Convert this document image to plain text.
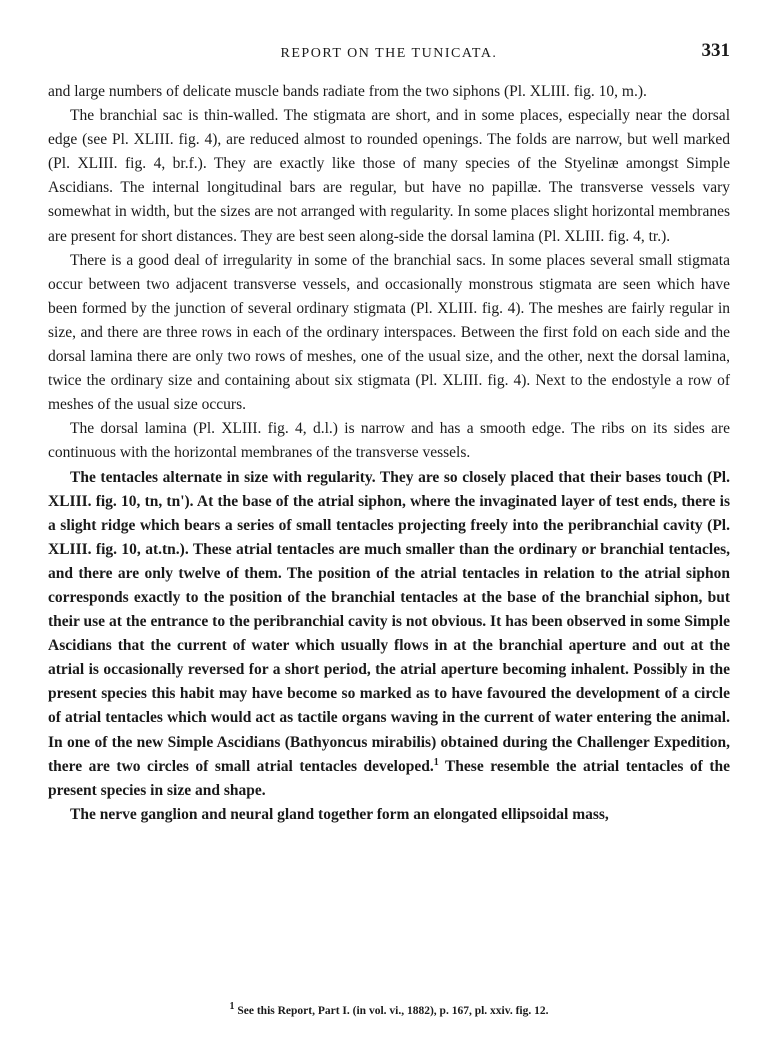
REPORT ON THE TUNICATA.	331

and large numbers of delicate muscle bands radiate from the two siphons (Pl. XLIII. fig. 10, m.).

The branchial sac is thin-walled. The stigmata are short, and in some places, especially near the dorsal edge (see Pl. XLIII. fig. 4), are reduced almost to rounded openings. The folds are narrow, but well marked (Pl. XLIII. fig. 4, br.f.). They are exactly like those of many species of the Styelinæ amongst Simple Ascidians. The internal longitudinal bars are regular, but have no papillæ. The transverse vessels vary somewhat in width, but the sizes are not arranged with regularity. In some places slight horizontal membranes are present for short distances. They are best seen along-side the dorsal lamina (Pl. XLIII. fig. 4, tr.).

There is a good deal of irregularity in some of the branchial sacs. In some places several small stigmata occur between two adjacent transverse vessels, and occasionally monstrous stigmata are seen which have been formed by the junction of several ordinary stigmata (Pl. XLIII. fig. 4). The meshes are fairly regular in size, and there are three rows in each of the ordinary interspaces. Between the first fold on each side and the dorsal lamina there are only two rows of meshes, one of the usual size, and the other, next the dorsal lamina, twice the ordinary size and containing about six stigmata (Pl. XLIII. fig. 4). Next to the endostyle a row of meshes of the usual size occurs.

The dorsal lamina (Pl. XLIII. fig. 4, d.l.) is narrow and has a smooth edge. The ribs on its sides are continuous with the horizontal membranes of the transverse vessels.

The tentacles alternate in size with regularity. They are so closely placed that their bases touch (Pl. XLIII. fig. 10, tn, tn'). At the base of the atrial siphon, where the invaginated layer of test ends, there is a slight ridge which bears a series of small tentacles projecting freely into the peribranchial cavity (Pl. XLIII. fig. 10, at.tn.). These atrial tentacles are much smaller than the ordinary or branchial tentacles, and there are only twelve of them. The position of the atrial tentacles in relation to the atrial siphon corresponds exactly to the position of the branchial tentacles at the base of the branchial siphon, but their use at the entrance to the peribranchial cavity is not obvious. It has been observed in some Simple Ascidians that the current of water which usually flows in at the branchial aperture and out at the atrial is occasionally reversed for a short period, the atrial aperture becoming inhalent. Possibly in the present species this habit may have become so marked as to have favoured the development of a circle of atrial tentacles which would act as tactile organs waving in the current of water entering the animal. In one of the new Simple Ascidians (Bathyoncus mirabilis) obtained during the Challenger Expedition, there are two circles of small atrial tentacles developed.$^1$ These resemble the atrial tentacles of the present species in size and shape.

The nerve ganglion and neural gland together form an elongated ellipsoidal mass,

$^1$ See this Report, Part I. (in vol. vi., 1882), p. 167, pl. xxiv. fig. 12.
